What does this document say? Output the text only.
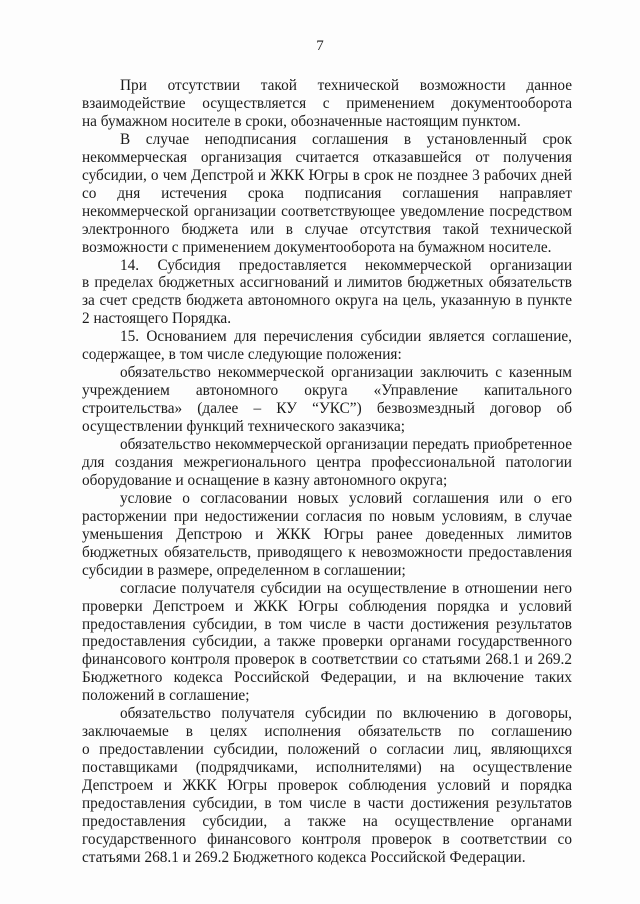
7
При отсутствии такой технической возможности данное
взаимодействие осуществляется с применением документооборота
на бумажном носителе в сроки, обозначенные настоящим пунктом.
В случае неподписания соглашения в установленный срок
некоммерческая организация считается отказавшейся от получения
субсидии, о чем Депстрой и ЖКК Югры в срок не позднее 3 рабочих дней
со дня истечения срока подписания соглашения направляет
некоммерческой организации соответствующее уведомление посредством
электронного бюджета или в случае отсутствия такой технической
возможности с применением документооборота на бумажном носителе.
14. Субсидия предоставляется некоммерческой организации
в пределах бюджетных ассигнований и лимитов бюджетных обязательств
за счет средств бюджета автономного округа на цель, указанную в пункте
2 настоящего Порядка.
15. Основанием для перечисления субсидии является соглашение,
содержащее, в том числе следующие положения:
обязательство некоммерческой организации заключить с казенным
учреждением автономного округа «Управление капитального
строительства» (далее – КУ “УКС”) безвозмездный договор об
осуществлении функций технического заказчика;
обязательство некоммерческой организации передать приобретенное
для создания межрегионального центра профессиональной патологии
оборудование и оснащение в казну автономного округа;
условие о согласовании новых условий соглашения или о его
расторжении при недостижении согласия по новым условиям, в случае
уменьшения Депстрою и ЖКК Югры ранее доведенных лимитов
бюджетных обязательств, приводящего к невозможности предоставления
субсидии в размере, определенном в соглашении;
согласие получателя субсидии на осуществление в отношении него
проверки Депстроем и ЖКК Югры соблюдения порядка и условий
предоставления субсидии, в том числе в части достижения результатов
предоставления субсидии, а также проверки органами государственного
финансового контроля проверок в соответствии со статьями 268.1 и 269.2
Бюджетного кодекса Российской Федерации, и на включение таких
положений в соглашение;
обязательство получателя субсидии по включению в договоры,
заключаемые в целях исполнения обязательств по соглашению
о предоставлении субсидии, положений о согласии лиц, являющихся
поставщиками (подрядчиками, исполнителями) на осуществление
Депстроем и ЖКК Югры проверок соблюдения условий и порядка
предоставления субсидии, в том числе в части достижения результатов
предоставления субсидии, а также на осуществление органами
государственного финансового контроля проверок в соответствии со
статьями 268.1 и 269.2 Бюджетного кодекса Российской Федерации.
